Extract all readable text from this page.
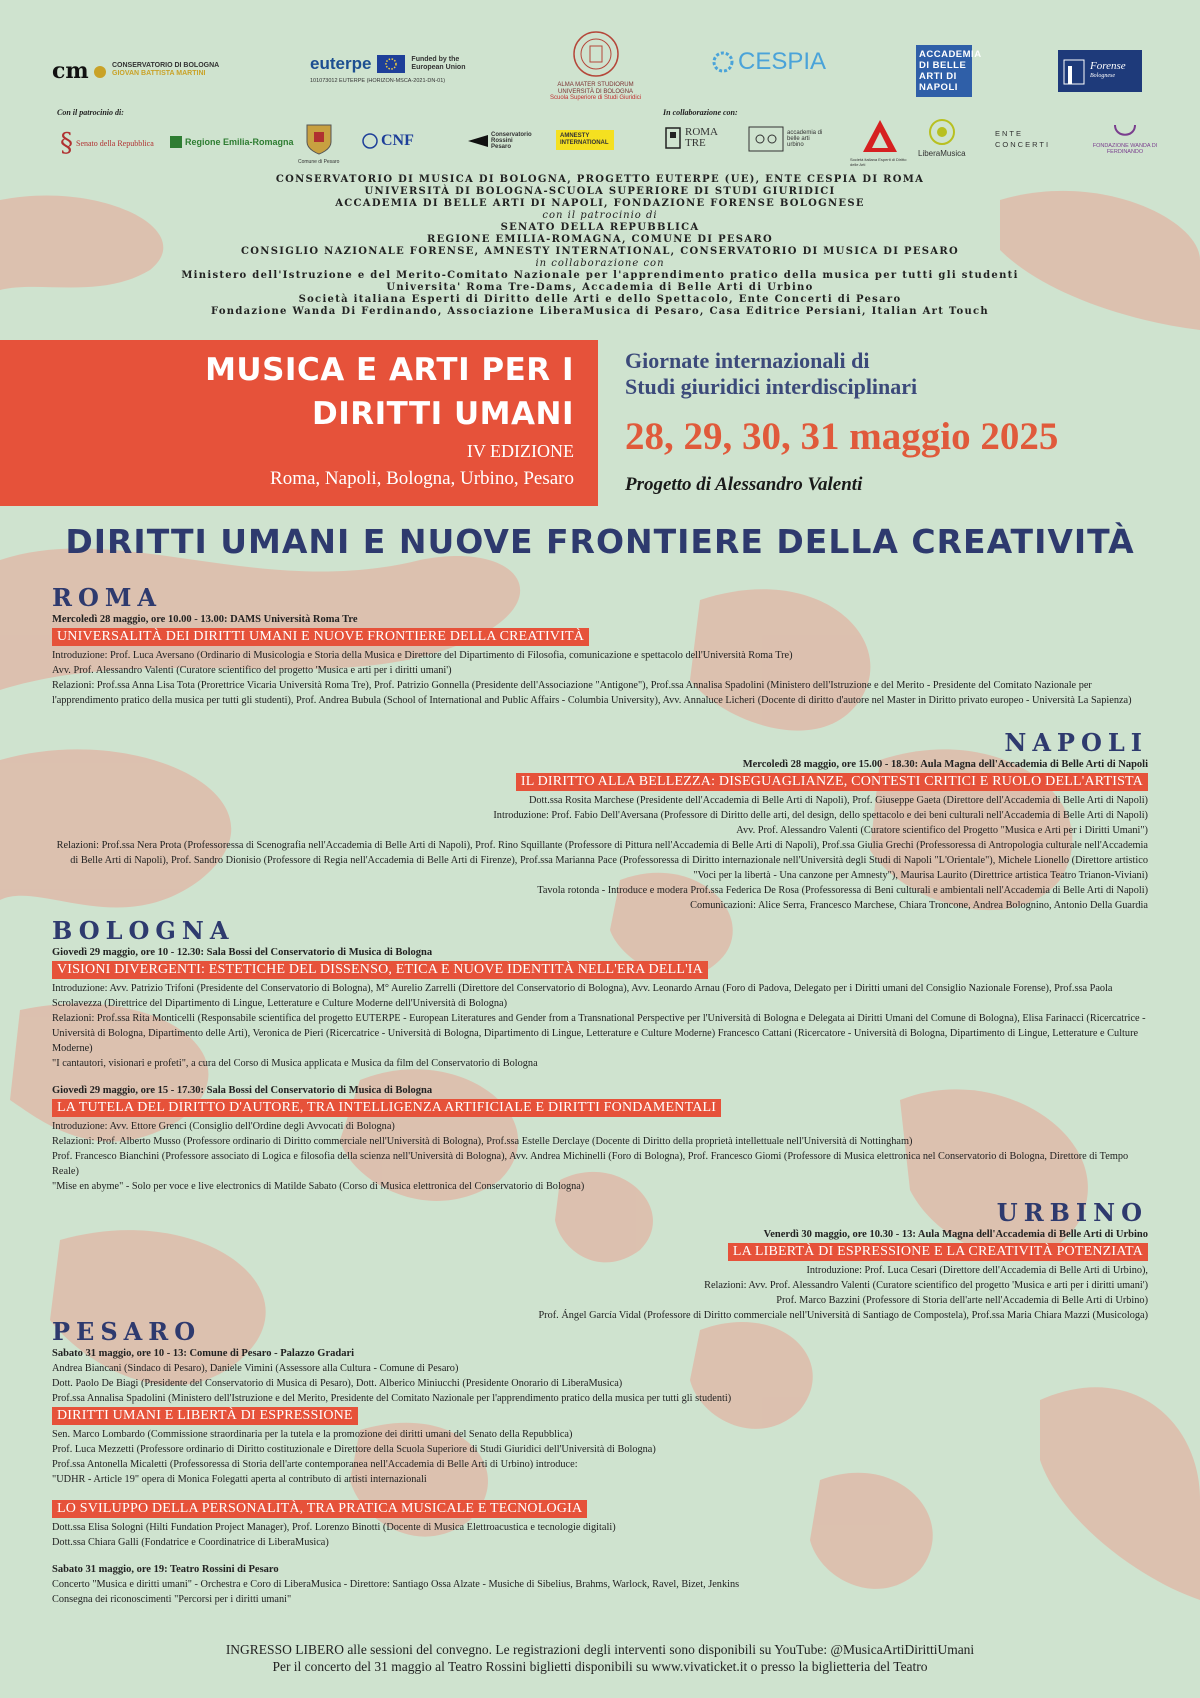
cm	CONSERVATORIO DI BOLOGNA
GIOVAN BATTISTA MARTINI
euterpe	Funded by the European Union
101073012 EUTERPE (HORIZON-MSCA-2021-DN-01)
ALMA MATER STUDIORUM
UNIVERSITÀ DI BOLOGNA
Scuola Superiore di Studi Giuridici
CESPIA	ACCADEMIA DI BELLE ARTI DI NAPOLI
Forense
Bolognese
Con il patrocinio di:	In collaborazione con:
§ Senato della Repubblica	Regione Emilia-Romagna
Comune di Pesaro
CNF	Conservatorio Rossini Pesaro
AMNESTY INTERNATIONAL
ROMA TRE
accademia di belle arti urbino
Società italiana Esperti di Diritto delle Arti
LiberaMusica
ENTE CONCERTI	FONDAZIONE WANDA DI FERDINANDO
CONSERVATORIO DI MUSICA DI BOLOGNA, PROGETTO EUTERPE (UE), ENTE CESPIA DI ROMA
UNIVERSITÀ DI BOLOGNA-SCUOLA SUPERIORE DI STUDI GIURIDICI
ACCADEMIA DI BELLE ARTI DI NAPOLI, FONDAZIONE FORENSE BOLOGNESE
con il patrocinio di
SENATO DELLA REPUBBLICA
REGIONE EMILIA-ROMAGNA, COMUNE DI PESARO
CONSIGLIO NAZIONALE FORENSE, AMNESTY INTERNATIONAL, CONSERVATORIO DI MUSICA DI PESARO
in collaborazione con
Ministero dell'Istruzione e del Merito-Comitato Nazionale per l'apprendimento pratico della musica per tutti gli studenti
Universita' Roma Tre-Dams, Accademia di Belle Arti di Urbino
Società italiana Esperti di Diritto delle Arti e dello Spettacolo, Ente Concerti di Pesaro
Fondazione Wanda Di Ferdinando, Associazione LiberaMusica di Pesaro, Casa Editrice Persiani, Italian Art Touch
MUSICA E ARTI PER I
DIRITTI UMANI
IV EDIZIONE
Roma, Napoli, Bologna, Urbino, Pesaro
Giornate internazionali di
Studi giuridici interdisciplinari
28, 29, 30, 31 maggio 2025
Progetto di Alessandro Valenti
DIRITTI UMANI E NUOVE FRONTIERE DELLA CREATIVITÀ
ROMA
Mercoledì 28 maggio, ore 10.00 - 13.00: DAMS Università Roma Tre
UNIVERSALITÀ DEI DIRITTI UMANI E NUOVE FRONTIERE DELLA CREATIVITÀ
Introduzione: Prof. Luca Aversano (Ordinario di Musicologia e Storia della Musica e Direttore del Dipartimento di Filosofia, comunicazione e spettacolo dell'Università Roma Tre)
Avv. Prof. Alessandro Valenti (Curatore scientifico del progetto 'Musica e arti per i diritti umani')
Relazioni: Prof.ssa Anna Lisa Tota (Prorettrice Vicaria Università Roma Tre), Prof. Patrizio Gonnella (Presidente dell'Associazione "Antigone"), Prof.ssa Annalisa Spadolini (Ministero dell'Istruzione e del Merito - Presidente del Comitato Nazionale per l'apprendimento pratico della musica per tutti gli studenti), Prof. Andrea Bubula (School of International and Public Affairs - Columbia University), Avv. Annaluce Licheri (Docente di diritto d'autore nel Master in Diritto privato europeo - Università La Sapienza)
NAPOLI
Mercoledì 28 maggio, ore 15.00 - 18.30: Aula Magna dell'Accademia di Belle Arti di Napoli
IL DIRITTO ALLA BELLEZZA: DISEGUAGLIANZE, CONTESTI CRITICI E RUOLO DELL'ARTISTA
Dott.ssa Rosita Marchese (Presidente dell'Accademia di Belle Arti di Napoli), Prof. Giuseppe Gaeta (Direttore dell'Accademia di Belle Arti di Napoli)
Introduzione: Prof. Fabio Dell'Aversana (Professore di Diritto delle arti, del design, dello spettacolo e dei beni culturali nell'Accademia di Belle Arti di Napoli)
Avv. Prof. Alessandro Valenti (Curatore scientifico del Progetto "Musica e Arti per i Diritti Umani")
Relazioni: Prof.ssa Nera Prota (Professoressa di Scenografia nell'Accademia di Belle Arti di Napoli), Prof. Rino Squillante (Professore di Pittura nell'Accademia di Belle Arti di Napoli), Prof.ssa Giulia Grechi (Professoressa di Antropologia culturale nell'Accademia di Belle Arti di Napoli), Prof. Sandro Dionisio (Professore di Regia nell'Accademia di Belle Arti di Firenze), Prof.ssa Marianna Pace (Professoressa di Diritto internazionale nell'Università degli Studi di Napoli "L'Orientale"), Michele Lionello (Direttore artistico "Voci per la libertà - Una canzone per Amnesty"), Maurisa Laurito (Direttrice artistica Teatro Trianon-Viviani)
Tavola rotonda - Introduce e modera Prof.ssa Federica De Rosa (Professoressa di Beni culturali e ambientali nell'Accademia di Belle Arti di Napoli)
Comunicazioni: Alice Serra, Francesco Marchese, Chiara Troncone, Andrea Bolognino, Antonio Della Guardia
BOLOGNA
Giovedì 29 maggio, ore 10 - 12.30: Sala Bossi del Conservatorio di Musica di Bologna
VISIONI DIVERGENTI: ESTETICHE DEL DISSENSO, ETICA E NUOVE IDENTITÀ NELL'ERA DELL'IA
Introduzione: Avv. Patrizio Trifoni (Presidente del Conservatorio di Bologna), M° Aurelio Zarrelli (Direttore del Conservatorio di Bologna), Avv. Leonardo Arnau (Foro di Padova, Delegato per i Diritti umani del Consiglio Nazionale Forense), Prof.ssa Paola Scrolavezza (Direttrice del Dipartimento di Lingue, Letterature e Culture Moderne dell'Università di Bologna)
Relazioni: Prof.ssa Rita Monticelli (Responsabile scientifica del progetto EUTERPE - European Literatures and Gender from a Transnational Perspective per l'Università di Bologna e Delegata ai Diritti Umani del Comune di Bologna), Elisa Farinacci (Ricercatrice - Università di Bologna, Dipartimento delle Arti), Veronica de Pieri (Ricercatrice - Università di Bologna, Dipartimento di Lingue, Letterature e Culture Moderne) Francesco Cattani (Ricercatore - Università di Bologna, Dipartimento di Lingue, Letterature e Culture Moderne)
"I cantautori, visionari e profeti", a cura del Corso di Musica applicata e Musica da film del Conservatorio di Bologna
Giovedì 29 maggio, ore 15 - 17.30: Sala Bossi del Conservatorio di Musica di Bologna
LA TUTELA DEL DIRITTO D'AUTORE, TRA INTELLIGENZA ARTIFICIALE E DIRITTI FONDAMENTALI
Introduzione: Avv. Ettore Grenci (Consiglio dell'Ordine degli Avvocati di Bologna)
Relazioni: Prof. Alberto Musso (Professore ordinario di Diritto commerciale nell'Università di Bologna), Prof.ssa Estelle Derclaye (Docente di Diritto della proprietà intellettuale nell'Università di Nottingham)
Prof. Francesco Bianchini (Professore associato di Logica e filosofia della scienza nell'Università di Bologna), Avv. Andrea Michinelli (Foro di Bologna), Prof. Francesco Giomi (Professore di Musica elettronica nel Conservatorio di Bologna, Direttore di Tempo Reale)
"Mise en abyme" - Solo per voce e live electronics di Matilde Sabato (Corso di Musica elettronica del Conservatorio di Bologna)
URBINO
Venerdì 30 maggio, ore 10.30 - 13: Aula Magna dell'Accademia di Belle Arti di Urbino
LA LIBERTÀ DI ESPRESSIONE E LA CREATIVITÀ POTENZIATA
Introduzione: Prof. Luca Cesari (Direttore dell'Accademia di Belle Arti di Urbino),
Relazioni: Avv. Prof. Alessandro Valenti (Curatore scientifico del progetto 'Musica e arti per i diritti umani')
Prof. Marco Bazzini (Professore di Storia dell'arte nell'Accademia di Belle Arti di Urbino)
Prof. Ángel García Vidal (Professore di Diritto commerciale nell'Università di Santiago de Compostela), Prof.ssa Maria Chiara Mazzi (Musicologa)
PESARO
Sabato 31 maggio, ore 10 - 13: Comune di Pesaro - Palazzo Gradari
Andrea Biancani (Sindaco di Pesaro), Daniele Vimini (Assessore alla Cultura - Comune di Pesaro)
Dott. Paolo De Biagi (Presidente del Conservatorio di Musica di Pesaro), Dott. Alberico Miniucchi (Presidente Onorario di LiberaMusica)
Prof.ssa Annalisa Spadolini (Ministero dell'Istruzione e del Merito, Presidente del Comitato Nazionale per l'apprendimento pratico della musica per tutti gli studenti)
DIRITTI UMANI E LIBERTÀ DI ESPRESSIONE
Sen. Marco Lombardo (Commissione straordinaria per la tutela e la promozione dei diritti umani del Senato della Repubblica)
Prof. Luca Mezzetti (Professore ordinario di Diritto costituzionale e Direttore della Scuola Superiore di Studi Giuridici dell'Università di Bologna)
Prof.ssa Antonella Micaletti (Professoressa di Storia dell'arte contemporanea nell'Accademia di Belle Arti di Urbino) introduce:
"UDHR - Article 19" opera di Monica Folegatti aperta al contributo di artisti internazionali
LO SVILUPPO DELLA PERSONALITÀ, TRA PRATICA MUSICALE E TECNOLOGIA
Dott.ssa Elisa Sologni (Hilti Fundation Project Manager), Prof. Lorenzo Binotti (Docente di Musica Elettroacustica e tecnologie digitali)
Dott.ssa Chiara Galli (Fondatrice e Coordinatrice di LiberaMusica)
Sabato 31 maggio, ore 19: Teatro Rossini di Pesaro
Concerto "Musica e diritti umani" - Orchestra e Coro di LiberaMusica - Direttore: Santiago Ossa Alzate - Musiche di Sibelius, Brahms, Warlock, Ravel, Bizet, Jenkins
Consegna dei riconoscimenti "Percorsi per i diritti umani"
INGRESSO LIBERO alle sessioni del convegno. Le registrazioni degli interventi sono disponibili su YouTube: @MusicaArtiDirittiUmani
Per il concerto del 31 maggio al Teatro Rossini biglietti disponibili su www.vivaticket.it o presso la biglietteria del Teatro
